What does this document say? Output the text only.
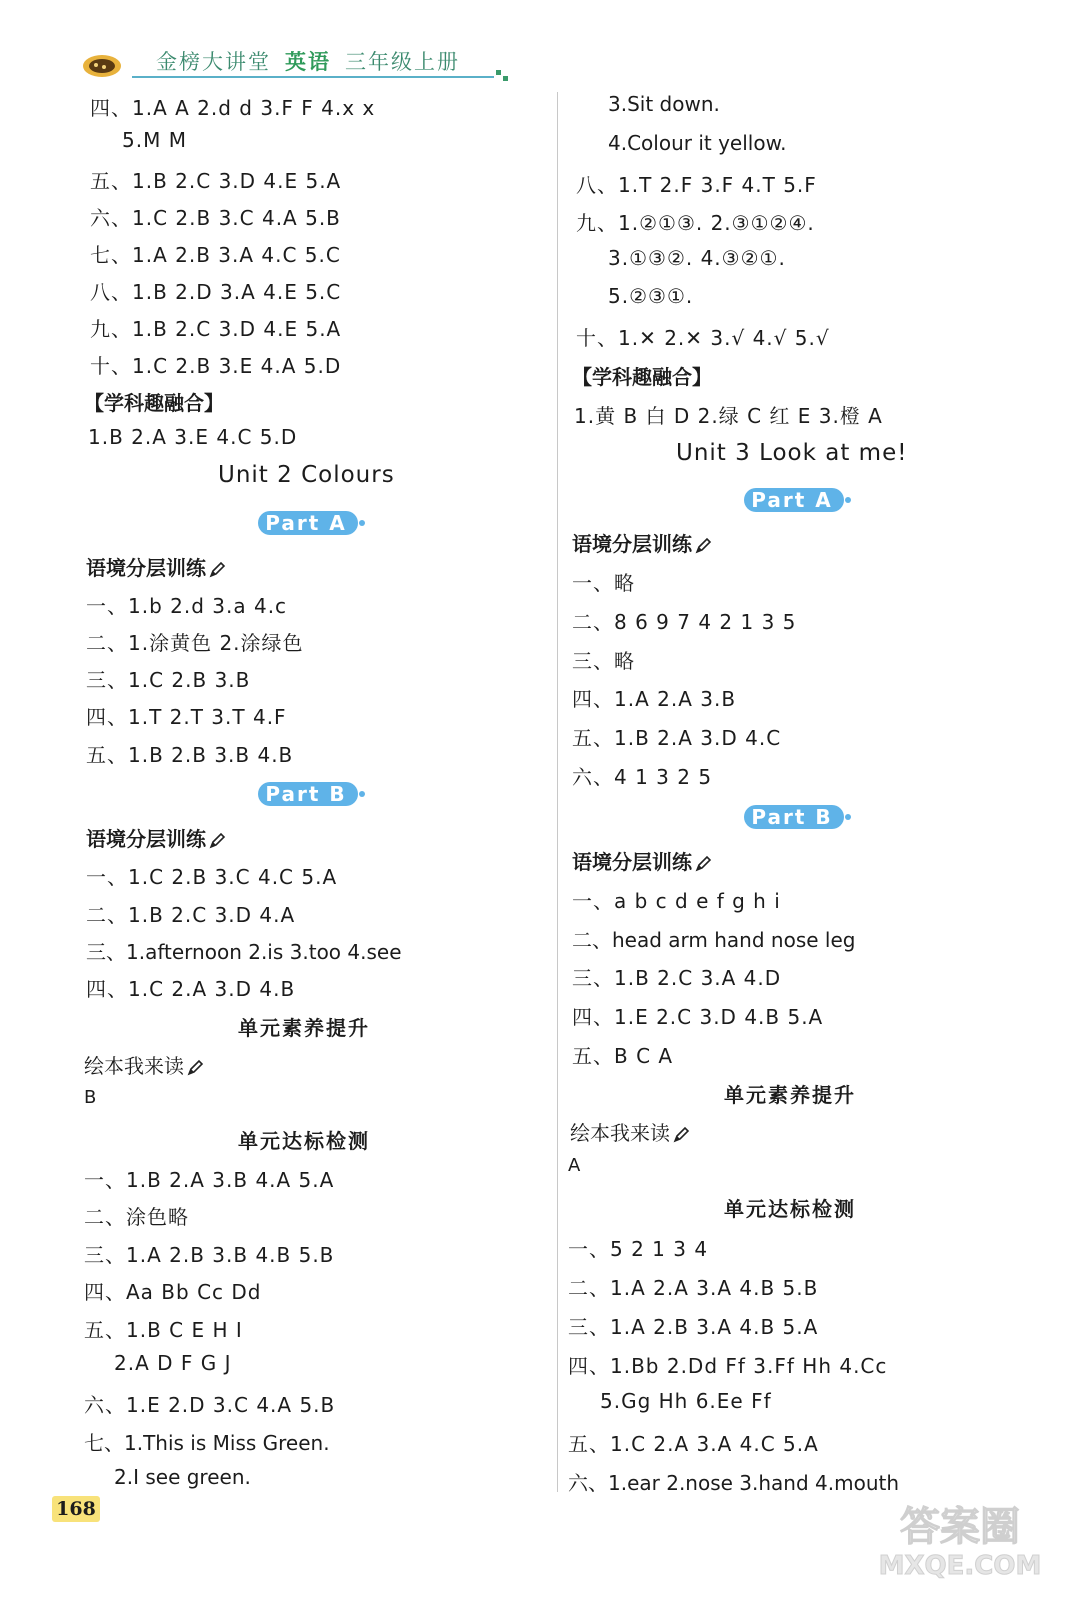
金榜大讲堂 英语 三年级上册
四、1.A A 2.d d 3.F F 4.x x
5.M M
五、1.B 2.C 3.D 4.E 5.A
六、1.C 2.B 3.C 4.A 5.B
七、1.A 2.B 3.A 4.C 5.C
八、1.B 2.D 3.A 4.E 5.C
九、1.B 2.C 3.D 4.E 5.A
十、1.C 2.B 3.E 4.A 5.D
【学科趣融合】
1.B 2.A 3.E 4.C 5.D
Unit 2 Colours
Part A
语境分层训练
一、1.b 2.d 3.a 4.c
二、1.涂黄色 2.涂绿色
三、1.C 2.B 3.B
四、1.T 2.T 3.T 4.F
五、1.B 2.B 3.B 4.B
Part B
语境分层训练
一、1.C 2.B 3.C 4.C 5.A
二、1.B 2.C 3.D 4.A
三、1.afternoon 2.is 3.too 4.see
四、1.C 2.A 3.D 4.B
单元素养提升
绘本我来读
B
单元达标检测
一、1.B 2.A 3.B 4.A 5.A
二、涂色略
三、1.A 2.B 3.B 4.B 5.B
四、Aa Bb Cc Dd
五、1.B C E H I
2.A D F G J
六、1.E 2.D 3.C 4.A 5.B
七、1.This is Miss Green.
2.I see green.
3.Sit down.
4.Colour it yellow.
八、1.T 2.F 3.F 4.T 5.F
九、1.②①③. 2.③①②④.
3.①③②. 4.③②①.
5.②③①.
十、1.✕ 2.✕ 3.√ 4.√ 5.√
【学科趣融合】
1.黄 B 白 D 2.绿 C 红 E 3.橙 A
Unit 3 Look at me!
Part A
语境分层训练
一、略
二、8 6 9 7 4 2 1 3 5
三、略
四、1.A 2.A 3.B
五、1.B 2.A 3.D 4.C
六、4 1 3 2 5
Part B
语境分层训练
一、a b c d e f g h i
二、head arm hand nose leg
三、1.B 2.C 3.A 4.D
四、1.E 2.C 3.D 4.B 5.A
五、B C A
单元素养提升
绘本我来读
A
单元达标检测
一、5 2 1 3 4
二、1.A 2.A 3.A 4.B 5.B
三、1.A 2.B 3.A 4.B 5.A
四、1.Bb 2.Dd Ff 3.Ff Hh 4.Cc
5.Gg Hh 6.Ee Ff
五、1.C 2.A 3.A 4.C 5.A
六、1.ear 2.nose 3.hand 4.mouth
168	答案圈
MXQE.COM
